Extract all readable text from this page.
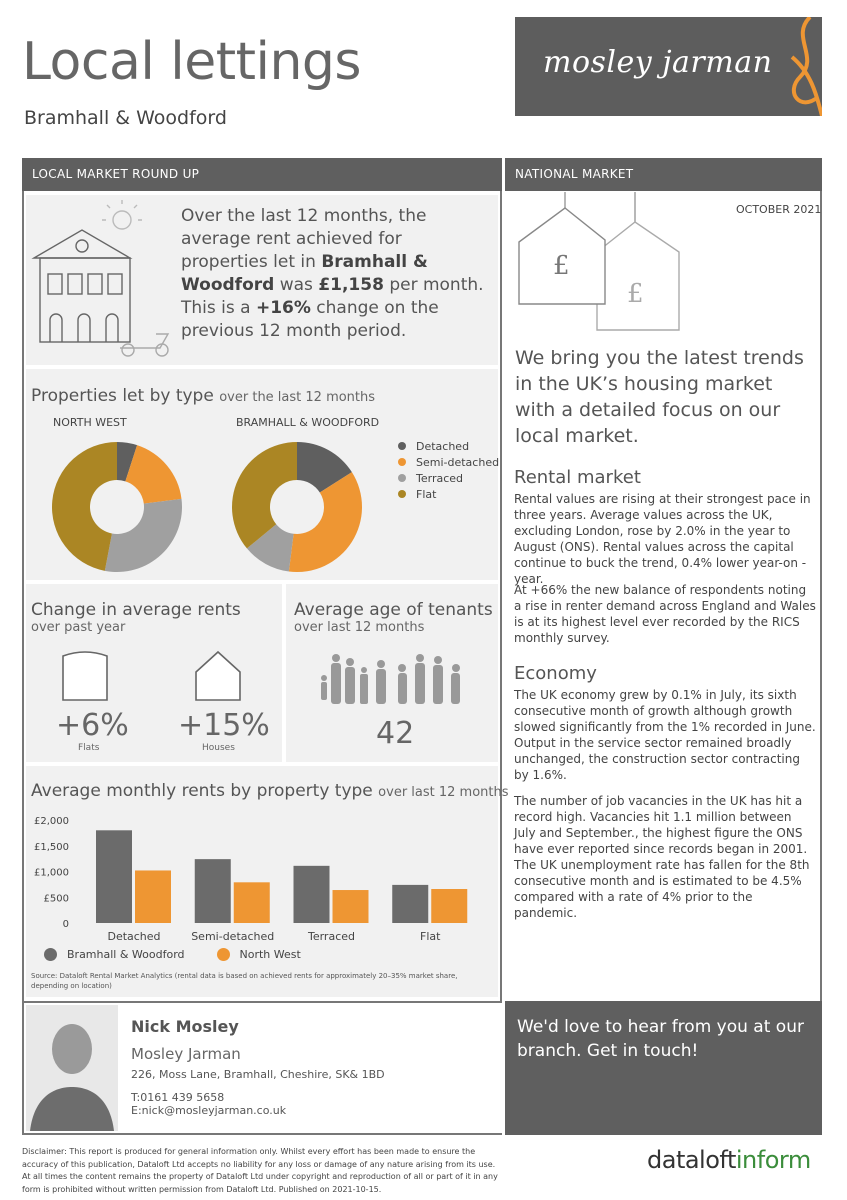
Local lettings
Bramhall & Woodford
mosley jarman
LOCAL MARKET ROUND UP	NATIONAL MARKET
Over the last 12 months, the average rent achieved for properties let in Bramhall & Woodford was £1,158 per month. This is a +16% change on the previous 12 month period.
Properties let by type over the last 12 months
NORTH WEST	BRAMHALL & WOODFORD
Detached
Semi-detached
Terraced
Flat
Change in average rents
over past year
+6%
Flats
+15%
Houses
Average age of tenants
over last 12 months
42
Average monthly rents by property type over last 12 months
£2,000
£1,500
£1,000
£500
0
Detached	Semi-detached	Terraced	Flat
Bramhall & Woodford	North West
Source: Dataloft Rental Market Analytics (rental data is based on achieved rents for approximately 20–35% market share, depending on location)
OCTOBER 2021
£
£
We bring you the latest trends in the UK’s housing market with a detailed focus on our local market.
Rental market
Rental values are rising at their strongest pace in three years. Average values across the UK, excluding London, rose by 2.0% in the year to August (ONS). Rental values across the capital continue to buck the trend, 0.4% lower year-on -year.
At +66% the new balance of respondents noting a rise in renter demand across England and Wales is at its highest level ever recorded by the RICS monthly survey.
Economy
The UK economy grew by 0.1% in July, its sixth consecutive month of growth although growth slowed significantly from the 1% recorded in June. Output in the service sector remained broadly unchanged, the construction sector contracting by 1.6%.
The number of job vacancies in the UK has hit a record high. Vacancies hit 1.1 million between July and September., the highest figure the ONS have ever reported since records began in 2001. The UK unemployment rate has fallen for the 8th consecutive month and is estimated to be 4.5% compared with a rate of 4% prior to the pandemic.
Nick Mosley
Mosley Jarman
226, Moss Lane, Bramhall, Cheshire, SK& 1BD
T:0161 439 5658
E:nick@mosleyjarman.co.uk
We'd love to hear from you at our branch. Get in touch!
Disclaimer: This report is produced for general information only. Whilst every effort has been made to ensure the accuracy of this publication, Dataloft Ltd accepts no liability for any loss or damage of any nature arising from its use. At all times the content remains the property of Dataloft Ltd under copyright and reproduction of all or part of it in any form is prohibited without written permission from Dataloft Ltd. Published on 2021-10-15.
dataloftinform
